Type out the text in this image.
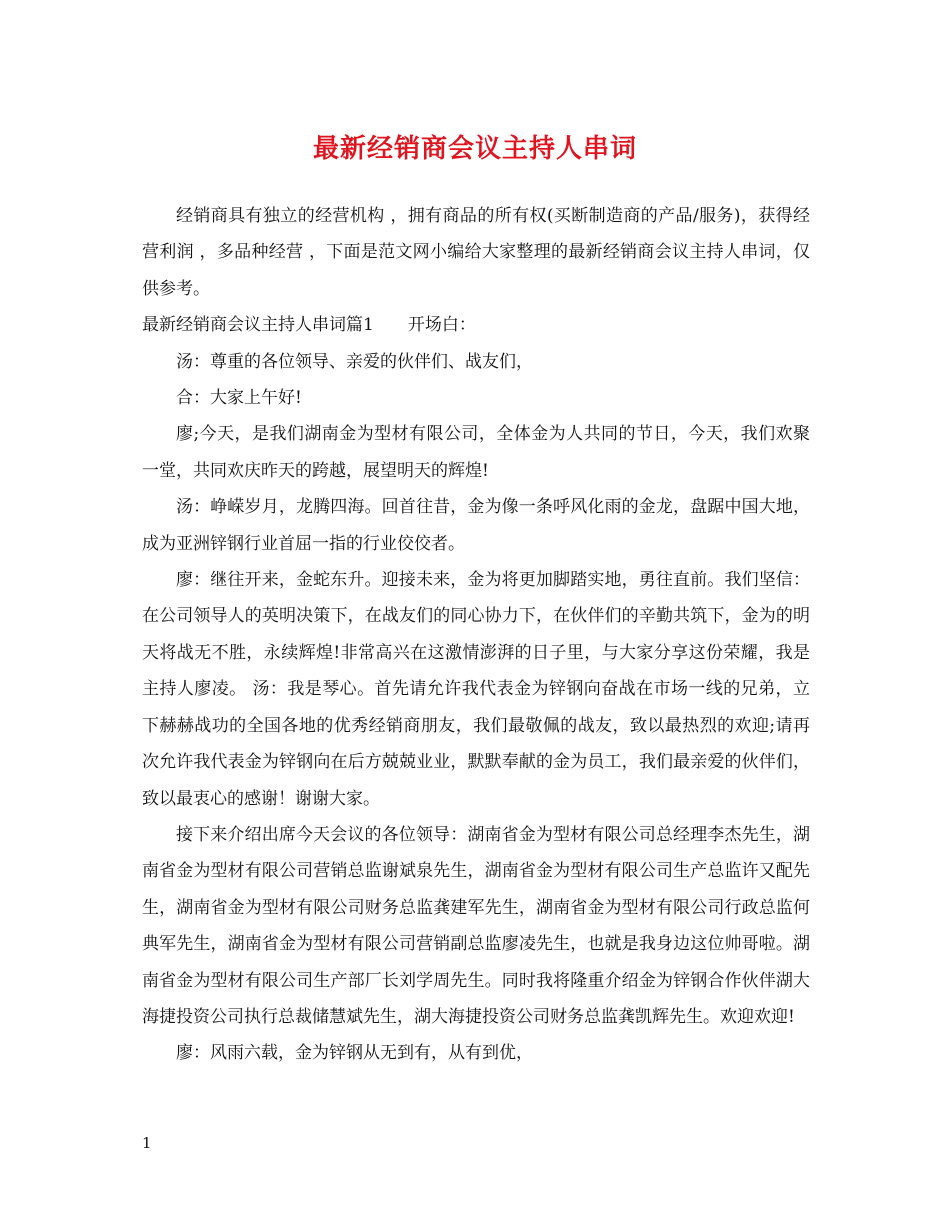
最新经销商会议主持人串词

经销商具有独立的经营机构 ，拥有商品的所有权(买断制造商的产品/服务)，获得经营利润 ，多品种经营 ，下面是范文网小编给大家整理的最新经销商会议主持人串词，仅供参考。

最新经销商会议主持人串词篇1　　开场白：

汤：尊重的各位领导、亲爱的伙伴们、战友们，

合：大家上午好!

廖;今天，是我们湖南金为型材有限公司，全体金为人共同的节日，今天，我们欢聚一堂，共同欢庆昨天的跨越，展望明天的辉煌!

汤：峥嵘岁月，龙腾四海。回首往昔，金为像一条呼风化雨的金龙，盘踞中国大地，成为亚洲锌钢行业首屈一指的行业佼佼者。

廖：继往开来，金蛇东升。迎接未来，金为将更加脚踏实地，勇往直前。我们坚信：在公司领导人的英明决策下，在战友们的同心协力下，在伙伴们的辛勤共筑下，金为的明天将战无不胜，永续辉煌!非常高兴在这激情澎湃的日子里，与大家分享这份荣耀，我是主持人廖凌。 汤：我是琴心。首先请允许我代表金为锌钢向奋战在市场一线的兄弟，立下赫赫战功的全国各地的优秀经销商朋友，我们最敬佩的战友，致以最热烈的欢迎;请再次允许我代表金为锌钢向在后方兢兢业业，默默奉献的金为员工，我们最亲爱的伙伴们，致以最衷心的感谢！谢谢大家。

接下来介绍出席今天会议的各位领导：湖南省金为型材有限公司总经理李杰先生，湖南省金为型材有限公司营销总监谢斌泉先生，湖南省金为型材有限公司生产总监许又配先生，湖南省金为型材有限公司财务总监龚建军先生，湖南省金为型材有限公司行政总监何典军先生，湖南省金为型材有限公司营销副总监廖凌先生，也就是我身边这位帅哥啦。湖南省金为型材有限公司生产部厂长刘学周先生。同时我将隆重介绍金为锌钢合作伙伴湖大海捷投资公司执行总裁储慧斌先生，湖大海捷投资公司财务总监龚凯辉先生。欢迎欢迎!

廖：风雨六载，金为锌钢从无到有，从有到优，

1
